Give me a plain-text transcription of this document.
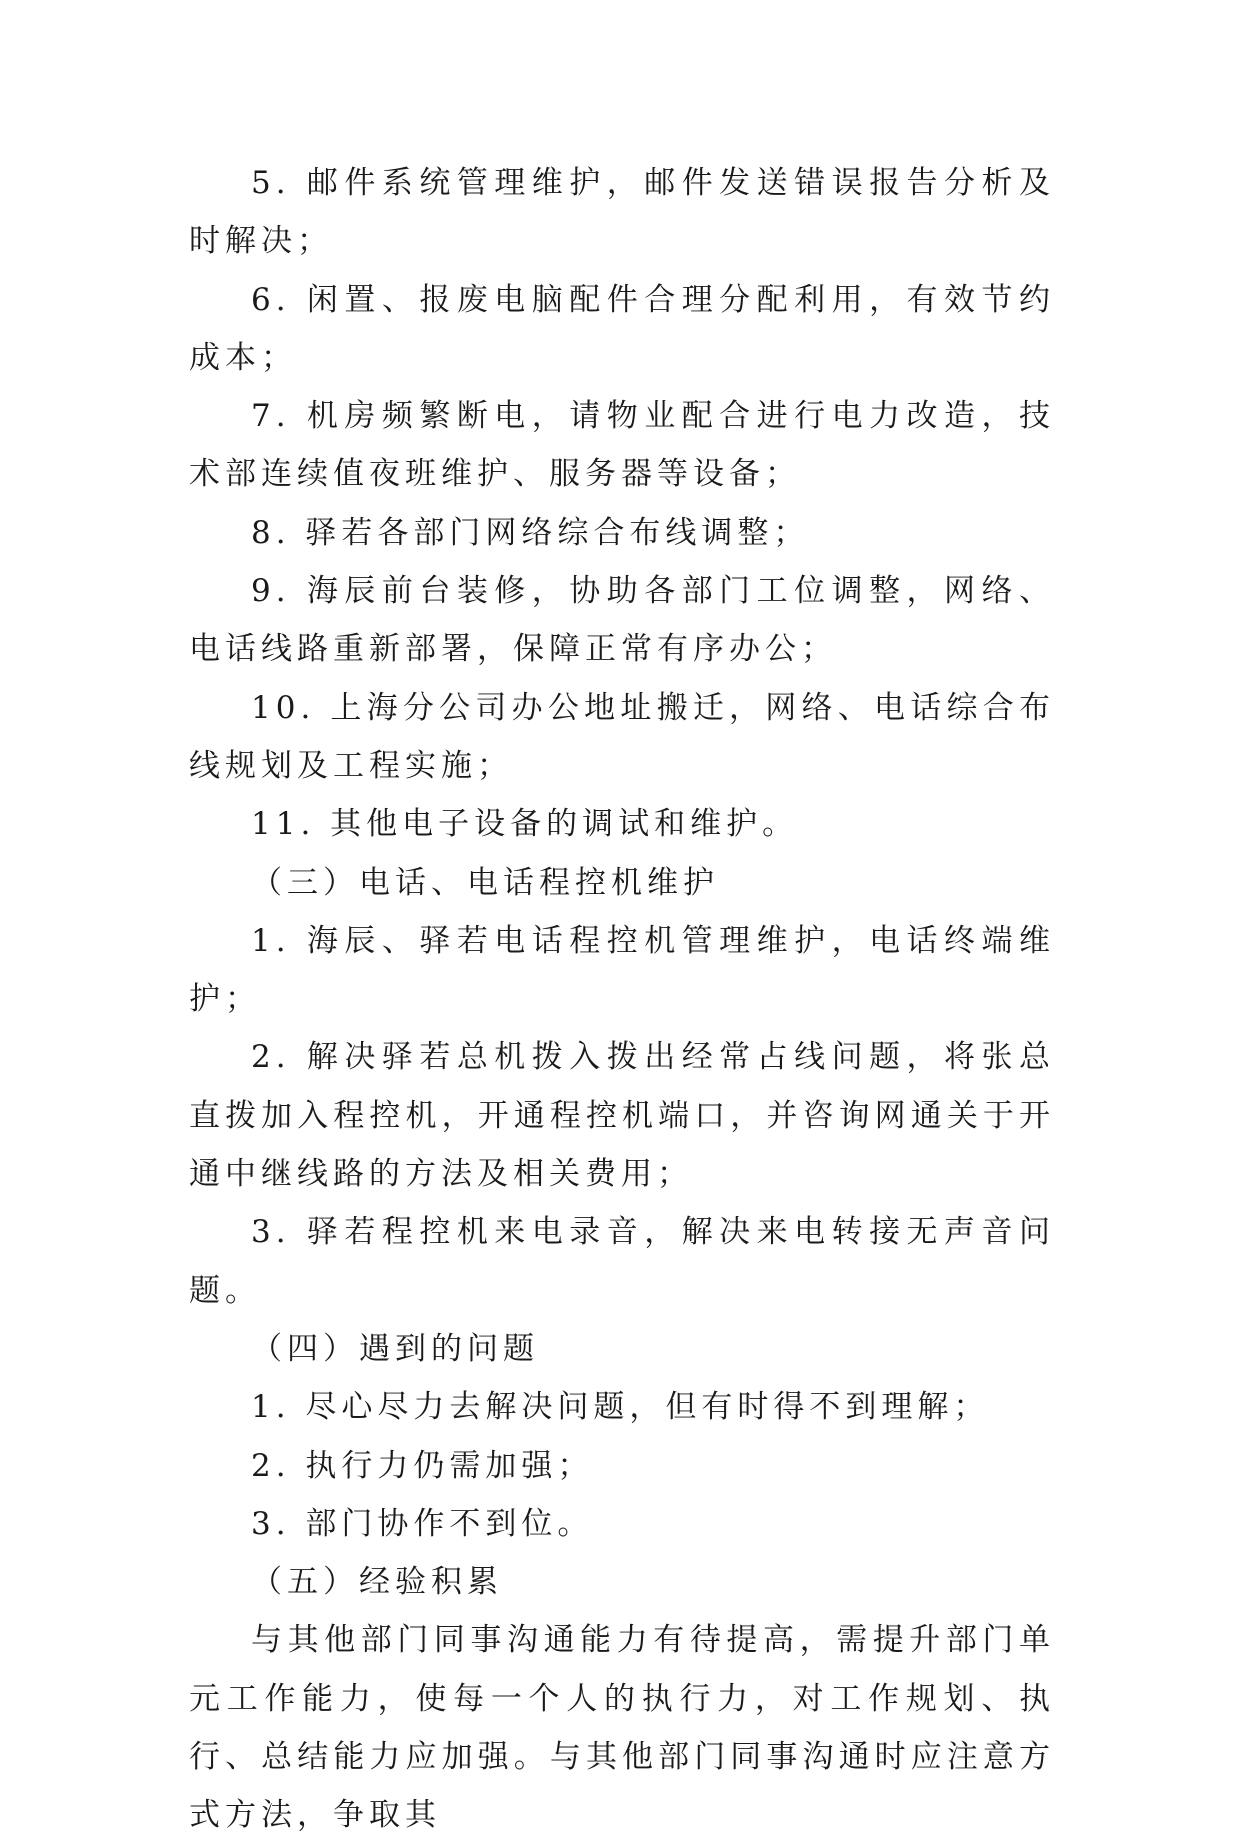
5. 邮件系统管理维护，邮件发送错误报告分析及时解决；

6. 闲置、报废电脑配件合理分配利用，有效节约成本；

7. 机房频繁断电，请物业配合进行电力改造，技术部连续值夜班维护、服务器等设备；

8. 驿若各部门网络综合布线调整；

9. 海辰前台装修，协助各部门工位调整，网络、电话线路重新部署，保障正常有序办公；

10. 上海分公司办公地址搬迁，网络、电话综合布线规划及工程实施；

11. 其他电子设备的调试和维护。

（三）电话、电话程控机维护

1. 海辰、驿若电话程控机管理维护，电话终端维护；

2. 解决驿若总机拨入拨出经常占线问题，将张总直拨加入程控机，开通程控机端口，并咨询网通关于开通中继线路的方法及相关费用；

3. 驿若程控机来电录音，解决来电转接无声音问题。

（四）遇到的问题

1. 尽心尽力去解决问题，但有时得不到理解；

2. 执行力仍需加强；

3. 部门协作不到位。

（五）经验积累

与其他部门同事沟通能力有待提高，需提升部门单元工作能力，使每一个人的执行力，对工作规划、执行、总结能力应加强。与其他部门同事沟通时应注意方式方法，争取其
